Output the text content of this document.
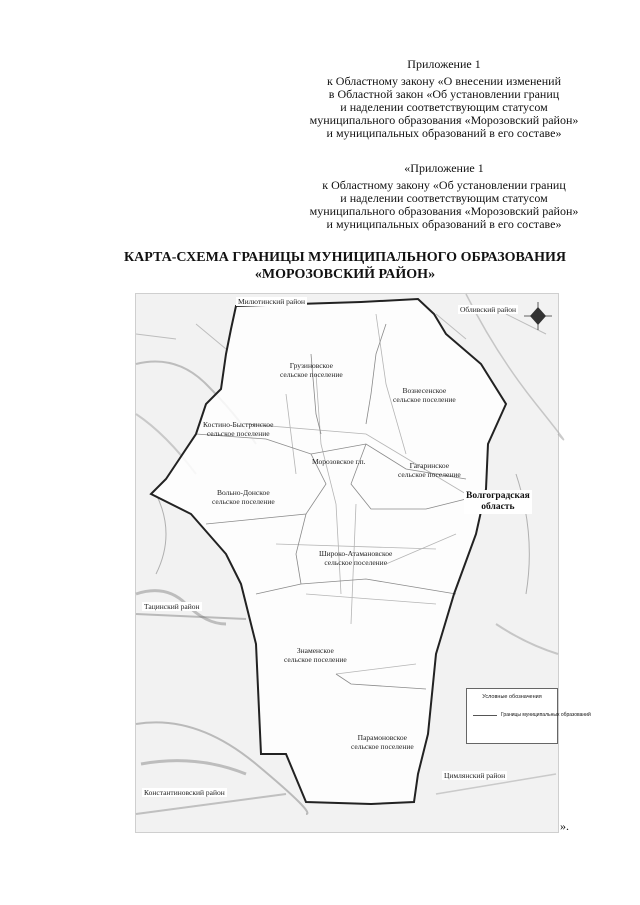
Приложение 1
к Областному закону «О внесении изменений
в Областной закон «Об установлении границ
и наделении соответствующим статусом
муниципального образования «Морозовский район»
и муниципальных образований в его составе»
«Приложение 1
к Областному закону «Об установлении границ
и наделении соответствующим статусом
муниципального образования «Морозовский район»
и муниципальных образований в его составе»
КАРТА-СХЕМА ГРАНИЦЫ МУНИЦИПАЛЬНОГО ОБРАЗОВАНИЯ
«МОРОЗОВСКИЙ РАЙОН»
Грузиновское
сельское поселение
Вознесенское
сельское поселение
Костино-Быстрянское
сельское поселение
Морозовское г.п.	Гагаринское
сельское поселение
Вольно-Донское
сельское поселение
Широко-Атамановское
сельское поселение
Знаменское
сельское поселение
Парамоновское
сельское поселение
Милютинский район
Обливский район
Тацинский район
Константиновский район
Цимлянский район
Волгоградская
область
Условные обозначения
Границы муниципальных образований
».
